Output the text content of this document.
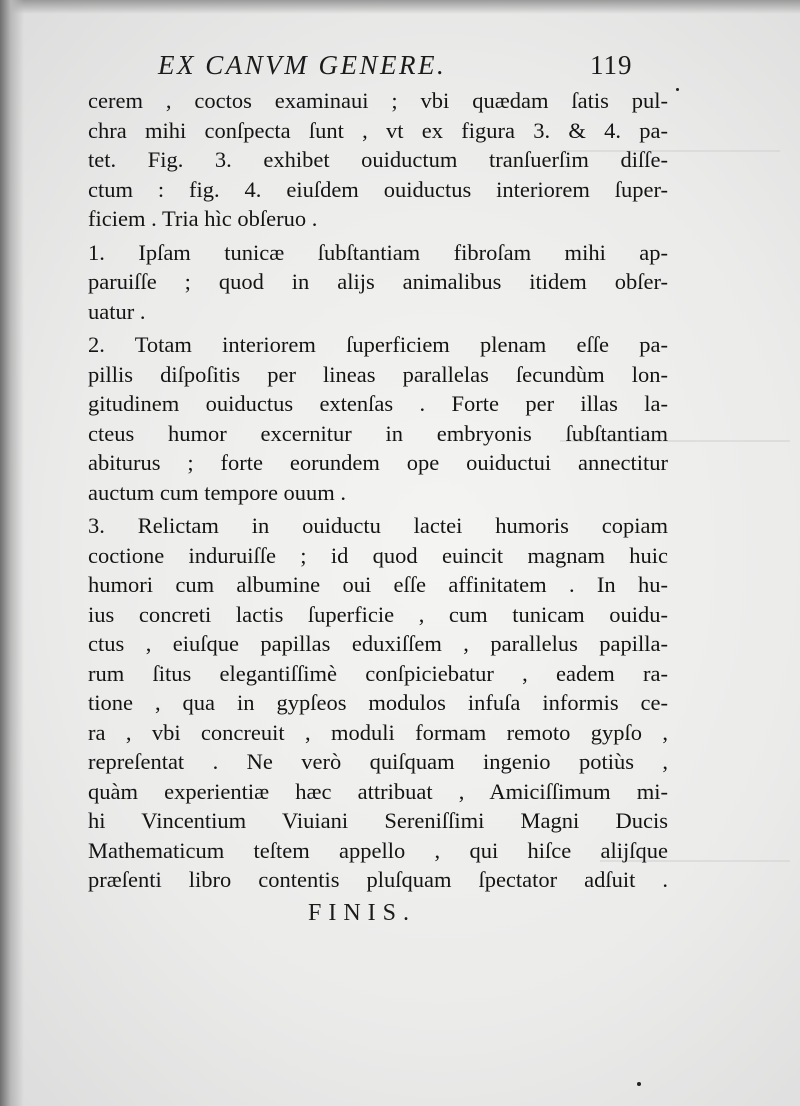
EX CANVM GENERE.	119
cerem , coctos examinaui ; vbi quædam ſatis pul-
chra mihi conſpecta ſunt , vt ex figura 3. & 4. pa-
tet. Fig. 3. exhibet ouiductum tranſuerſim diſſe-
ctum : fig. 4. eiuſdem ouiductus interiorem ſuper-
ficiem . Tria hìc obſeruo .
1. Ipſam tunicæ ſubſtantiam fibroſam mihi ap-
paruiſſe ; quod in alijs animalibus itidem obſer-
uatur .
2. Totam interiorem ſuperficiem plenam eſſe pa-
pillis diſpoſitis per lineas parallelas ſecundùm lon-
gitudinem ouiductus extenſas . Forte per illas la-
cteus humor excernitur in embryonis ſubſtantiam
abiturus ; forte eorundem ope ouiductui annectitur
auctum cum tempore ouum .
3. Relictam in ouiductu lactei humoris copiam
coctione induruiſſe ; id quod euincit magnam huic
humori cum albumine oui eſſe affinitatem . In hu-
ius concreti lactis ſuperficie , cum tunicam ouidu-
ctus , eiuſque papillas eduxiſſem , parallelus papilla-
rum ſitus elegantiſſimè conſpiciebatur , eadem ra-
tione , qua in gypſeos modulos infuſa informis ce-
ra , vbi concreuit , moduli formam remoto gypſo ,
repreſentat . Ne verò quiſquam ingenio potiùs ,
quàm experientiæ hæc attribuat , Amiciſſimum mi-
hi Vincentium Viuiani Sereniſſimi Magni Ducis
Mathematicum teſtem appello , qui hiſce alijſque
præſenti libro contentis pluſquam ſpectator adſuit .
FINIS.
